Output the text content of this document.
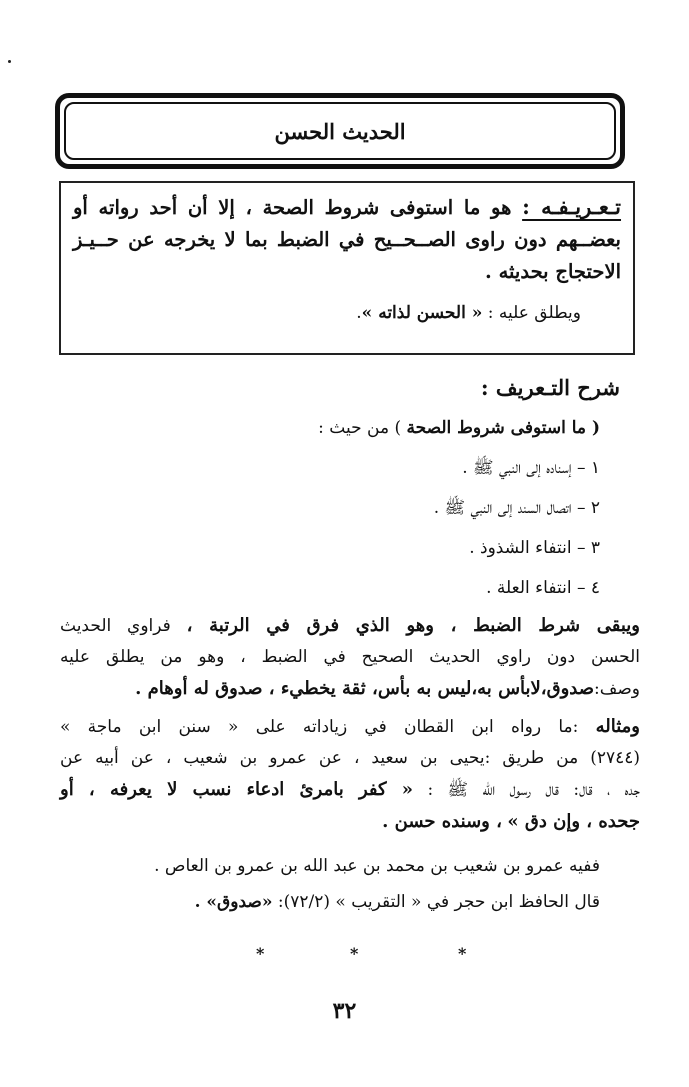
الحديث الحسن
تـعـريـفـه : هو ما استوفى شروط الصحة ، إلا أن أحد رواته أو
بعضــهم دون راوى الصــحــيح في الضبط بما لا يخرجه عن حــيـز
الاحتجاج بحديثه .
ويطلق عليه : « الحسن لذاته ».
شرح التـعريف :
( ما استوفى شروط الصحة ) من حيث :
١ – إسناده إلى النبي ﷺ .
٢ – اتصال السند إلى النبي ﷺ .
٣ – انتفاء الشذوذ .
٤ – انتفاء العلة .
ويبقى شرط الضبط ، وهو الذي فرق في الرتبة ، فراوي الحديث
الحسن دون راوي الحديث الصحيح في الضبط ، وهو من يطلق عليه
وصف:صدوق،لابأس به،ليس به بأس، ثقة يخطيء ، صدوق له أوهام .
ومثاله :ما رواه ابن القطان في زياداته على « سنن ابن ماجة »
(٢٧٤٤) من طريق :يحيى بن سعيد ، عن عمرو بن شعيب ، عن أبيه عن
جده ، قال: قال رسول الله ﷺ : « كفر بامرئ ادعاء نسب لا يعرفه ، أو
جحده ، وإن دق » ، وسنده حسن .
ففيه عمرو بن شعيب بن محمد بن عبد الله بن عمرو بن العاص .
قال الحافظ ابن حجر في « التقريب » (٧٢/٢): «صدوق» .
*	*	*
٣٢
